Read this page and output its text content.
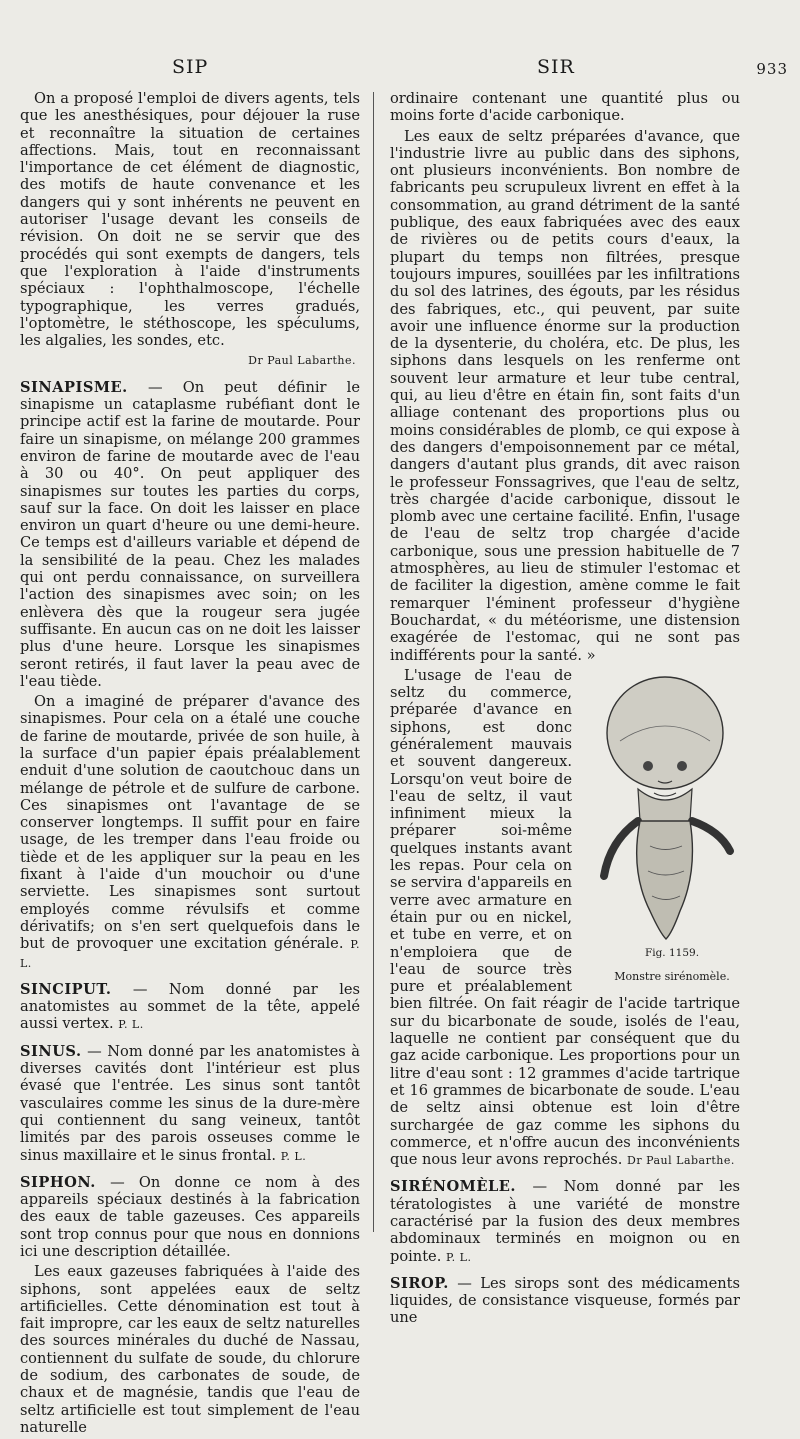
SIP	SIR	933

On a proposé l'emploi de divers agents, tels que les anesthésiques, pour déjouer la ruse et reconnaître la situation de certaines affections. Mais, tout en reconnaissant l'importance de cet élément de diagnostic, des motifs de haute convenance et les dangers qui y sont inhérents ne peuvent en autoriser l'usage devant les conseils de révision. On doit ne se servir que des procédés qui sont exempts de dangers, tels que l'exploration à l'aide d'instruments spéciaux : l'ophthalmoscope, l'échelle typographique, les verres gradués, l'optomètre, le stéthoscope, les spéculums, les algalies, les sondes, etc.

Dr Paul Labarthe.

SINAPISME. — On peut définir le sinapisme un cataplasme rubéfiant dont le principe actif est la farine de moutarde. Pour faire un sinapisme, on mélange 200 grammes environ de farine de moutarde avec de l'eau à 30 ou 40°. On peut appliquer des sinapismes sur toutes les parties du corps, sauf sur la face. On doit les laisser en place environ un quart d'heure ou une demi-heure. Ce temps est d'ailleurs variable et dépend de la sensibilité de la peau. Chez les malades qui ont perdu connaissance, on surveillera l'action des sinapismes avec soin; on les enlèvera dès que la rougeur sera jugée suffisante. En aucun cas on ne doit les laisser plus d'une heure. Lorsque les sinapismes seront retirés, il faut laver la peau avec de l'eau tiède.

On a imaginé de préparer d'avance des sinapismes. Pour cela on a étalé une couche de farine de moutarde, privée de son huile, à la surface d'un papier épais préalablement enduit d'une solution de caoutchouc dans un mélange de pétrole et de sulfure de carbone. Ces sinapismes ont l'avantage de se conserver longtemps. Il suffit pour en faire usage, de les tremper dans l'eau froide ou tiède et de les appliquer sur la peau en les fixant à l'aide d'un mouchoir ou d'une serviette. Les sinapismes sont surtout employés comme révulsifs et comme dérivatifs; on s'en sert quelquefois dans le but de provoquer une excitation générale. P. L.

SINCIPUT. — Nom donné par les anatomistes au sommet de la tête, appelé aussi vertex. P. L.

SINUS. — Nom donné par les anatomistes à diverses cavités dont l'intérieur est plus évasé que l'entrée. Les sinus sont tantôt vasculaires comme les sinus de la dure-mère qui contiennent du sang veineux, tantôt limités par des parois osseuses comme le sinus maxillaire et le sinus frontal. P. L.

SIPHON. — On donne ce nom à des appareils spéciaux destinés à la fabrication des eaux de table gazeuses. Ces appareils sont trop connus pour que nous en donnions ici une description détaillée.

Les eaux gazeuses fabriquées à l'aide des siphons, sont appelées eaux de seltz artificielles. Cette dénomination est tout à fait impropre, car les eaux de seltz naturelles des sources minérales du duché de Nassau, contiennent du sulfate de soude, du chlorure de sodium, des carbonates de soude, de chaux et de magnésie, tandis que l'eau de seltz artificielle est tout simplement de l'eau naturelle

ordinaire contenant une quantité plus ou moins forte d'acide carbonique.

Les eaux de seltz préparées d'avance, que l'industrie livre au public dans des siphons, ont plusieurs inconvénients. Bon nombre de fabricants peu scrupuleux livrent en effet à la consommation, au grand détriment de la santé publique, des eaux fabriquées avec des eaux de rivières ou de petits cours d'eaux, la plupart du temps non filtrées, presque toujours impures, souillées par les infiltrations du sol des latrines, des égouts, par les résidus des fabriques, etc., qui peuvent, par suite avoir une influence énorme sur la production de la dysenterie, du choléra, etc. De plus, les siphons dans lesquels on les renferme ont souvent leur armature et leur tube central, qui, au lieu d'être en étain fin, sont faits d'un alliage contenant des proportions plus ou moins considérables de plomb, ce qui expose à des dangers d'empoisonnement par ce métal, dangers d'autant plus grands, dit avec raison le professeur Fonssagrives, que l'eau de seltz, très chargée d'acide carbonique, dissout le plomb avec une certaine facilité. Enfin, l'usage de l'eau de seltz trop chargée d'acide carbonique, sous une pression habituelle de 7 atmosphères, au lieu de stimuler l'estomac et de faciliter la digestion, amène comme le fait remarquer l'éminent professeur d'hygiène Bouchardat, « du météorisme, une distension exagérée de l'estomac, qui ne sont pas indifférents pour la santé. »

Fig. 1159.
Monstre sirénomèle.
L'usage de l'eau de seltz du commerce, préparée d'avance en siphons, est donc généralement mauvais et souvent dangereux. Lorsqu'on veut boire de l'eau de seltz, il vaut infiniment mieux la préparer soi-même quelques instants avant les repas. Pour cela on se servira d'appareils en verre avec armature en étain pur ou en nickel, et tube en verre, et on n'emploiera que de l'eau de source très pure et préalablement bien filtrée. On fait réagir de l'acide tartrique sur du bicarbonate de soude, isolés de l'eau, laquelle ne contient par conséquent que du gaz acide carbonique. Les proportions pour un litre d'eau sont : 12 grammes d'acide tartrique et 16 grammes de bicarbonate de soude. L'eau de seltz ainsi obtenue est loin d'être surchargée de gaz comme les siphons du commerce, et n'offre aucun des inconvénients que nous leur avons reprochés. Dr Paul Labarthe.

SIRÉNOMÈLE. — Nom donné par les tératologistes à une variété de monstre caractérisé par la fusion des deux membres abdominaux terminés en moignon ou en pointe. P. L.

SIROP. — Les sirops sont des médicaments liquides, de consistance visqueuse, formés par une
